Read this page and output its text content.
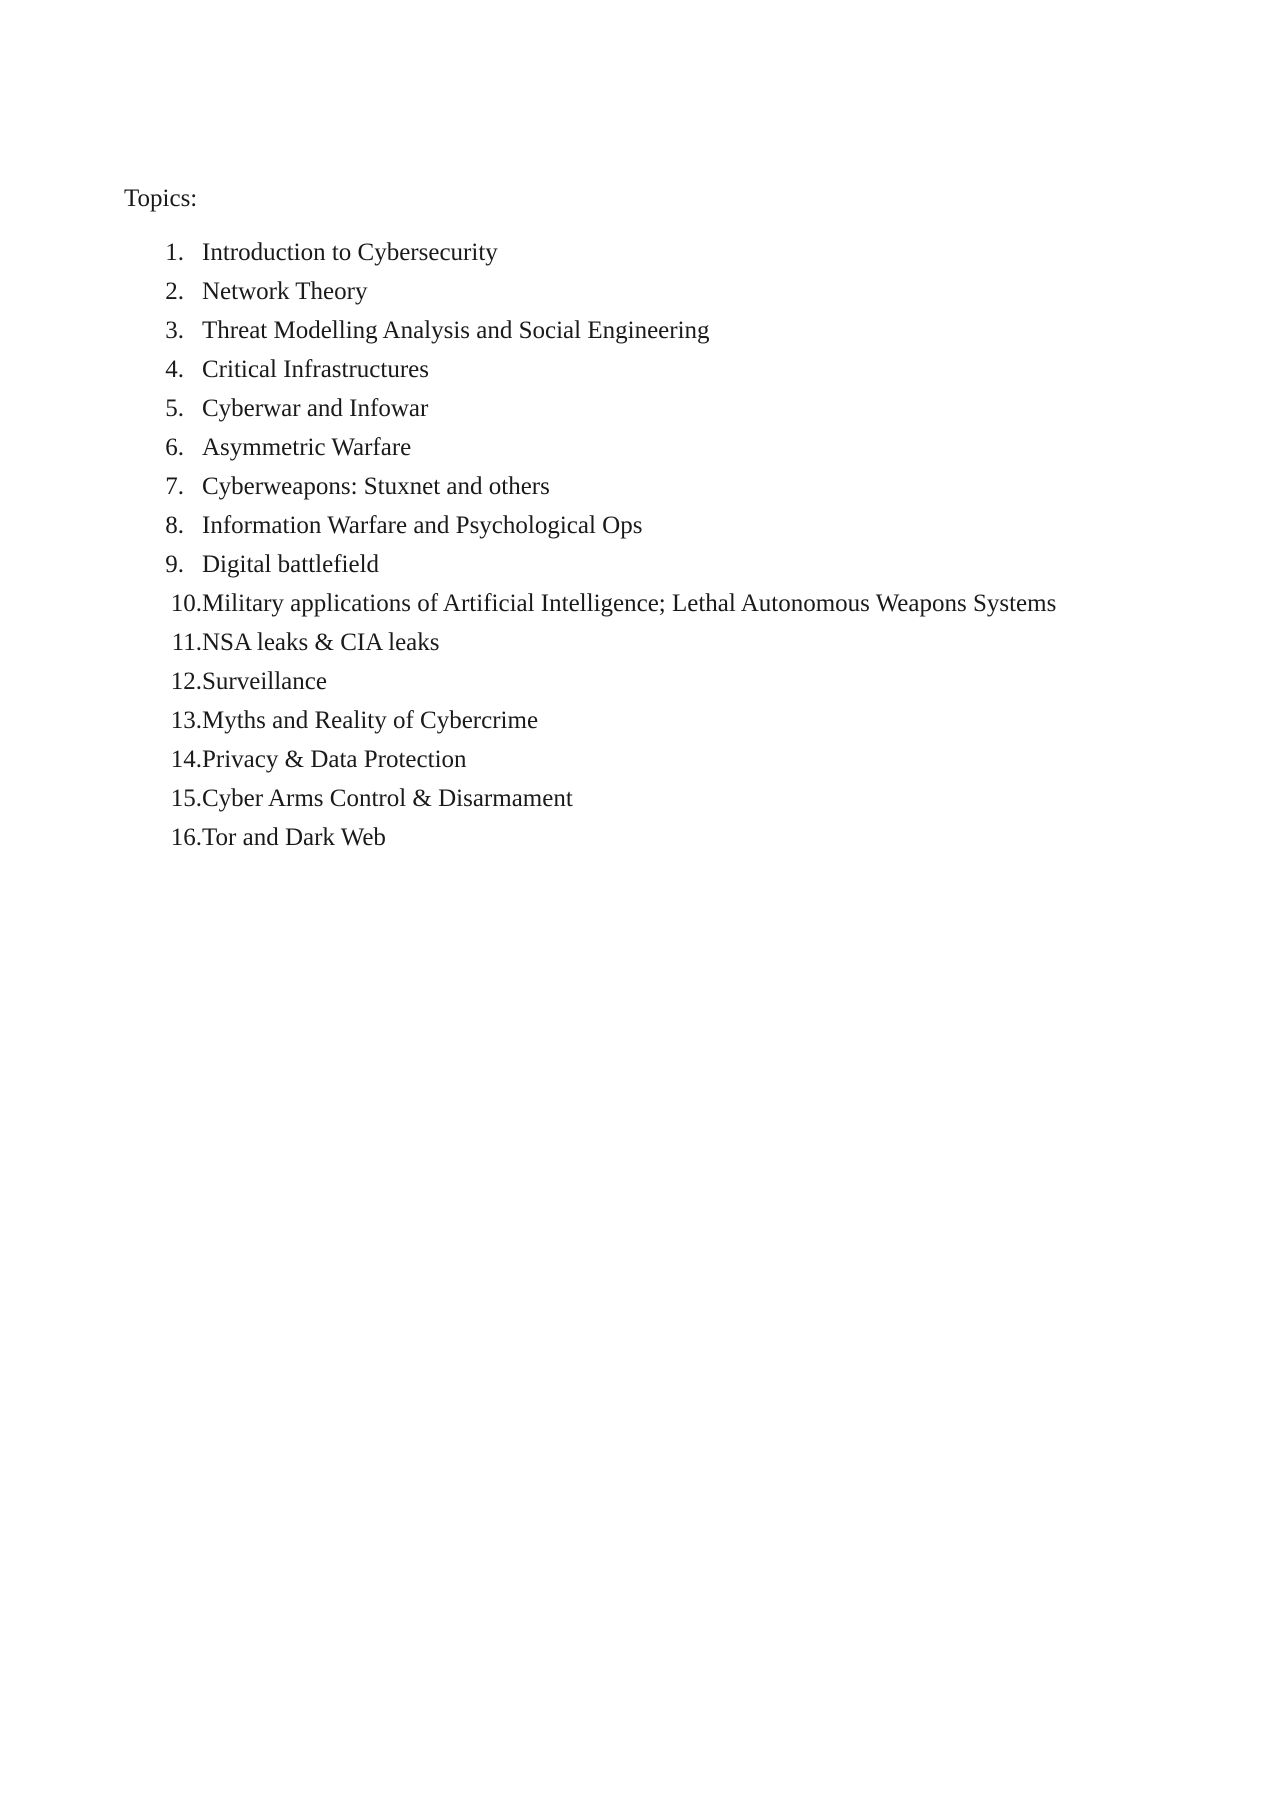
Topics:
1. Introduction to Cybersecurity
2. Network Theory
3. Threat Modelling Analysis and Social Engineering
4. Critical Infrastructures
5. Cyberwar and Infowar
6. Asymmetric Warfare
7. Cyberweapons: Stuxnet and others
8. Information Warfare and Psychological Ops
9. Digital battlefield
10. Military applications of Artificial Intelligence; Lethal Autonomous Weapons Systems
11. NSA leaks & CIA leaks
12. Surveillance
13. Myths and Reality of Cybercrime
14. Privacy & Data Protection
15. Cyber Arms Control & Disarmament
16. Tor and Dark Web
